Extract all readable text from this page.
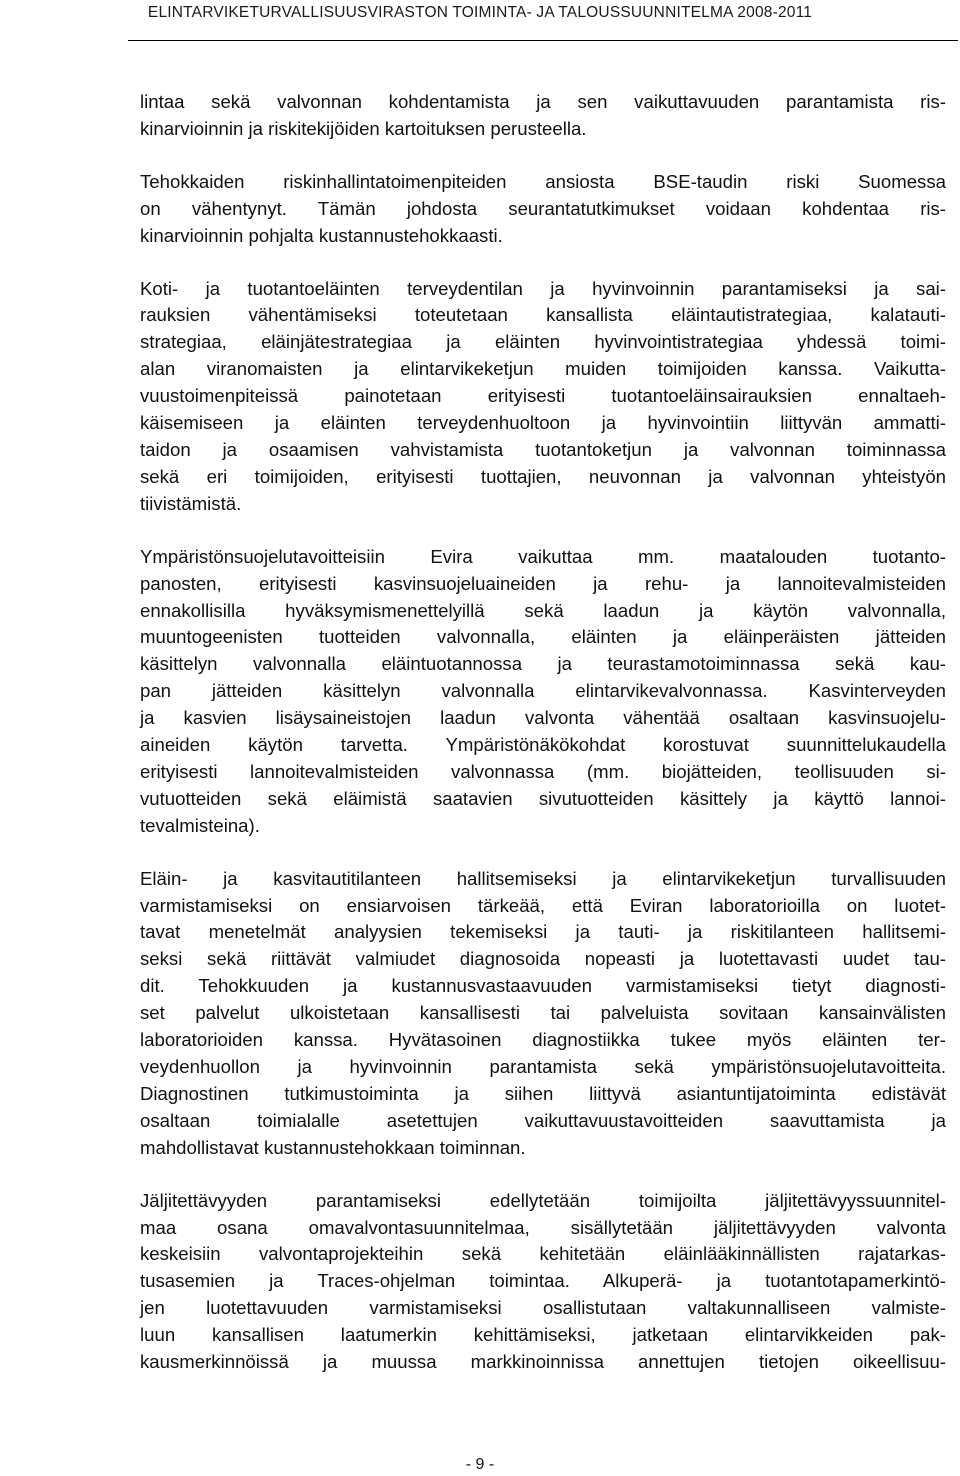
ELINTARVIKETURVALLISUUSVIRASTON TOIMINTA- JA TALOUSSUUNNITELMA 2008-2011

lintaa sekä valvonnan kohdentamista ja sen vaikuttavuuden parantamista ris-
kinarvioinnin ja riskitekijöiden kartoituksen perusteella.

Tehokkaiden riskinhallintatoimenpiteiden ansiosta BSE-taudin riski Suomessa
on vähentynyt. Tämän johdosta seurantatutkimukset voidaan kohdentaa ris-
kinarvioinnin pohjalta kustannustehokkaasti.

Koti- ja tuotantoeläinten terveydentilan ja hyvinvoinnin parantamiseksi ja sai-
rauksien vähentämiseksi toteutetaan kansallista eläintautistrategiaa, kalatauti-
strategiaa, eläinjätestrategiaa ja eläinten hyvinvointistrategiaa yhdessä toimi-
alan viranomaisten ja elintarvikeketjun muiden toimijoiden kanssa. Vaikutta-
vuustoimenpiteissä painotetaan erityisesti tuotantoeläinsairauksien ennaltaeh-
käisemiseen ja eläinten terveydenhuoltoon ja hyvinvointiin liittyvän ammatti-
taidon ja osaamisen vahvistamista tuotantoketjun ja valvonnan toiminnassa
sekä eri toimijoiden, erityisesti tuottajien, neuvonnan ja valvonnan yhteistyön
tiivistämistä.

Ympäristönsuojelutavoitteisiin Evira vaikuttaa mm. maatalouden tuotanto-
panosten, erityisesti kasvinsuojeluaineiden ja rehu- ja lannoitevalmisteiden
ennakollisilla hyväksymismenettelyillä sekä laadun ja käytön valvonnalla,
muuntogeenisten tuotteiden valvonnalla, eläinten ja eläinperäisten jätteiden
käsittelyn valvonnalla eläintuotannossa ja teurastamotoiminnassa sekä kau-
pan jätteiden käsittelyn valvonnalla elintarvikevalvonnassa. Kasvinterveyden
ja kasvien lisäysaineistojen laadun valvonta vähentää osaltaan kasvinsuojelu-
aineiden käytön tarvetta. Ympäristönäkökohdat korostuvat suunnittelukaudella
erityisesti lannoitevalmisteiden valvonnassa (mm. biojätteiden, teollisuuden si-
vutuotteiden sekä eläimistä saatavien sivutuotteiden käsittely ja käyttö lannoi-
tevalmisteina).

Eläin- ja kasvitautitilanteen hallitsemiseksi ja elintarvikeketjun turvallisuuden
varmistamiseksi on ensiarvoisen tärkeää, että Eviran laboratorioilla on luotet-
tavat menetelmät analyysien tekemiseksi ja tauti- ja riskitilanteen hallitsemi-
seksi sekä riittävät valmiudet diagnosoida nopeasti ja luotettavasti uudet tau-
dit. Tehokkuuden ja kustannusvastaavuuden varmistamiseksi tietyt diagnosti-
set palvelut ulkoistetaan kansallisesti tai palveluista sovitaan kansainvälisten
laboratorioiden kanssa. Hyvätasoinen diagnostiikka tukee myös eläinten ter-
veydenhuollon ja hyvinvoinnin parantamista sekä ympäristönsuojelutavoitteita.
Diagnostinen tutkimustoiminta ja siihen liittyvä asiantuntijatoiminta edistävät
osaltaan toimialalle asetettujen vaikuttavuustavoitteiden saavuttamista ja
mahdollistavat kustannustehokkaan toiminnan.

Jäljitettävyyden parantamiseksi edellytetään toimijoilta jäljitettävyyssuunnitel-
maa osana omavalvontasuunnitelmaa, sisällytetään jäljitettävyyden valvonta
keskeisiin valvontaprojekteihin sekä kehitetään eläinlääkinnällisten rajatarkas-
tusasemien ja Traces-ohjelman toimintaa. Alkuperä- ja tuotantotapamerkintö-
jen luotettavuuden varmistamiseksi osallistutaan valtakunnalliseen valmiste-
luun kansallisen laatumerkin kehittämiseksi, jatketaan elintarvikkeiden pak-
kausmerkinnöissä ja muussa markkinoinnissa annettujen tietojen oikeellisuu-

- 9 -
